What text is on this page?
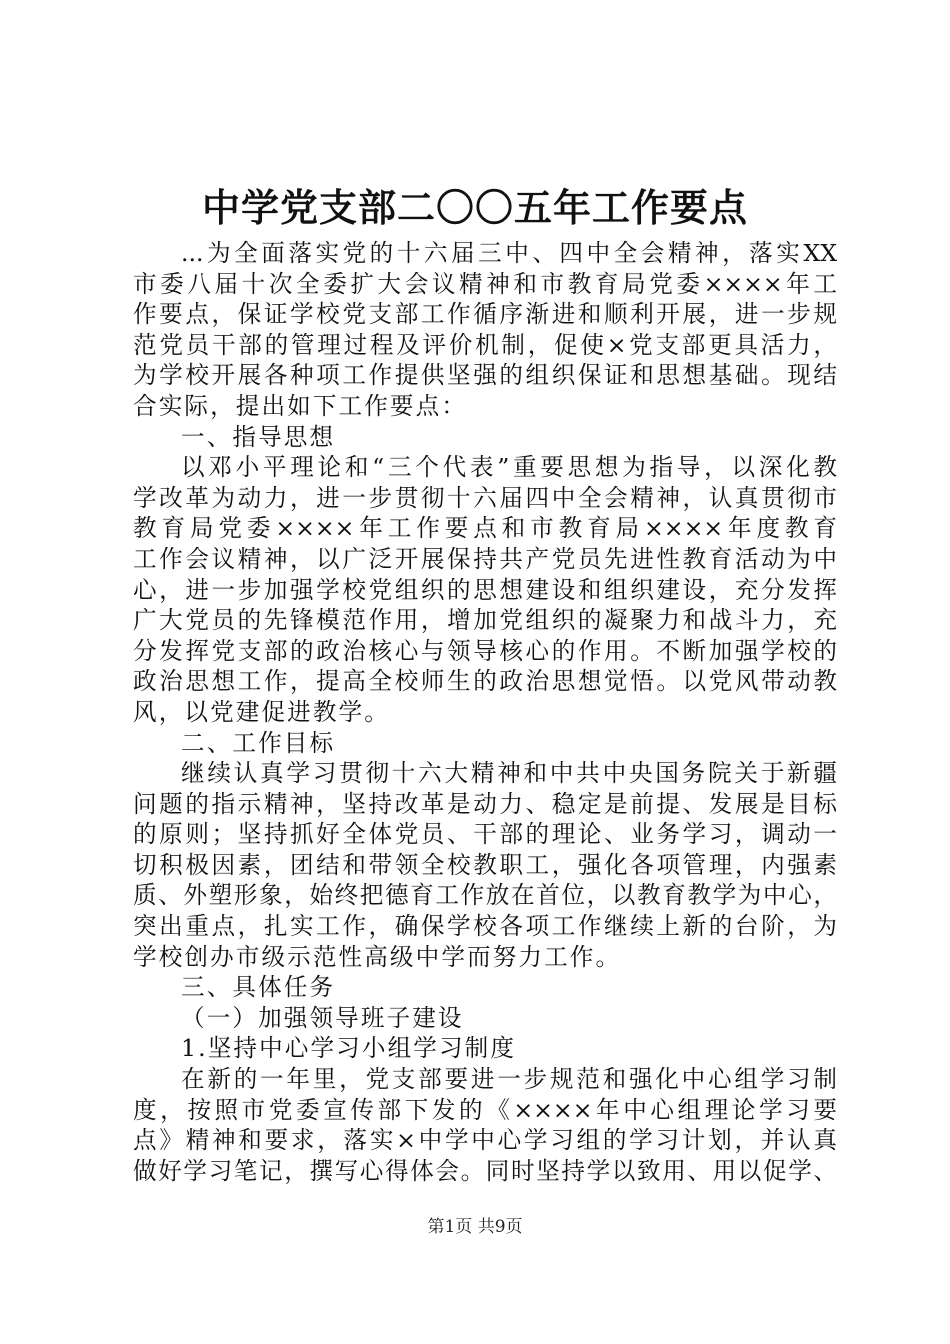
中学党支部二〇〇五年工作要点
...为全面落实党的十六届三中、四中全会精神，落实XX
市委八届十次全委扩大会议精神和市教育局党委××××年工
作要点，保证学校党支部工作循序渐进和顺利开展，进一步规
范党员干部的管理过程及评价机制，促使×党支部更具活力，
为学校开展各种项工作提供坚强的组织保证和思想基础。现结
合实际，提出如下工作要点：
一、指导思想
以邓小平理论和“三个代表”重要思想为指导，以深化教
学改革为动力，进一步贯彻十六届四中全会精神，认真贯彻市
教育局党委××××年工作要点和市教育局××××年度教育
工作会议精神，以广泛开展保持共产党员先进性教育活动为中
心，进一步加强学校党组织的思想建设和组织建设，充分发挥
广大党员的先锋模范作用，增加党组织的凝聚力和战斗力，充
分发挥党支部的政治核心与领导核心的作用。不断加强学校的
政治思想工作，提高全校师生的政治思想觉悟。以党风带动教
风，以党建促进教学。
二、工作目标
继续认真学习贯彻十六大精神和中共中央国务院关于新疆
问题的指示精神，坚持改革是动力、稳定是前提、发展是目标
的原则；坚持抓好全体党员、干部的理论、业务学习，调动一
切积极因素，团结和带领全校教职工，强化各项管理，内强素
质、外塑形象，始终把德育工作放在首位，以教育教学为中心，
突出重点，扎实工作，确保学校各项工作继续上新的台阶，为
学校创办市级示范性高级中学而努力工作。
三、具体任务
（一）加强领导班子建设
1.坚持中心学习小组学习制度
在新的一年里，党支部要进一步规范和强化中心组学习制
度，按照市党委宣传部下发的《××××年中心组理论学习要
点》精神和要求，落实×中学中心学习组的学习计划，并认真
做好学习笔记，撰写心得体会。同时坚持学以致用、用以促学、
第1页 共9页
